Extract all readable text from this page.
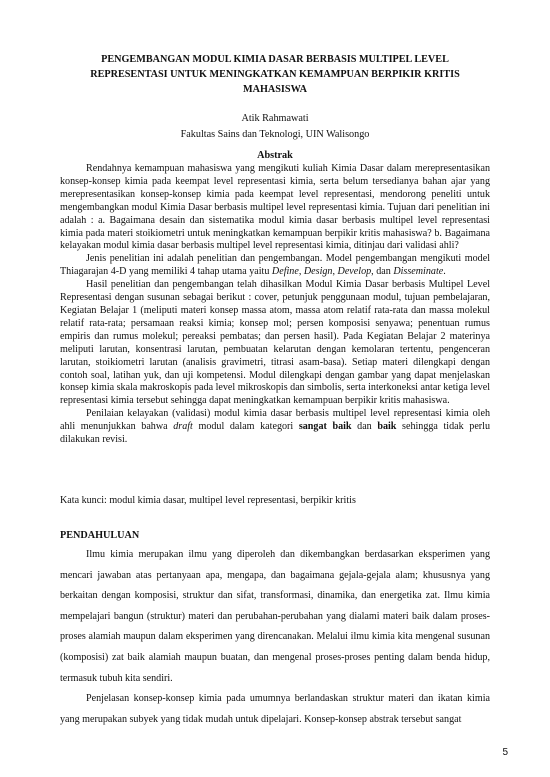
PENGEMBANGAN MODUL KIMIA DASAR BERBASIS MULTIPEL LEVEL
REPRESENTASI UNTUK MENINGKATKAN KEMAMPUAN BERPIKIR KRITIS
MAHASISWA
Atik Rahmawati
Fakultas Sains dan Teknologi, UIN Walisongo
Abstrak

Rendahnya kemampuan mahasiswa yang mengikuti kuliah Kimia Dasar dalam merepresentasikan konsep-konsep kimia pada keempat level representasi kimia, serta belum tersedianya bahan ajar yang merepresentasikan konsep-konsep kimia pada keempat level representasi, mendorong peneliti untuk mengembangkan modul Kimia Dasar berbasis multipel level representasi kimia. Tujuan dari penelitian ini adalah : a. Bagaimana desain dan sistematika modul kimia dasar berbasis multipel level representasi kimia pada materi stoikiometri untuk meningkatkan kemampuan berpikir kritis mahasiswa? b. Bagaimana kelayakan modul kimia dasar berbasis multipel level representasi kimia, ditinjau dari validasi ahli?

Jenis penelitian ini adalah penelitian dan pengembangan. Model pengembangan mengikuti model Thiagarajan 4-D yang memiliki 4 tahap utama yaitu Define, Design, Develop, dan Disseminate.

Hasil penelitian dan pengembangan telah dihasilkan Modul Kimia Dasar berbasis Multipel Level Representasi dengan susunan sebagai berikut : cover, petunjuk penggunaan modul, tujuan pembelajaran, Kegiatan Belajar 1 (meliputi materi konsep massa atom, massa atom relatif rata-rata dan massa molekul relatif rata-rata; persamaan reaksi kimia; konsep mol; persen komposisi senyawa; penentuan rumus empiris dan rumus molekul; pereaksi pembatas; dan persen hasil). Pada Kegiatan Belajar 2 materinya meliputi larutan, konsentrasi larutan, pembuatan kelarutan dengan kemolaran tertentu, pengenceran larutan, stoikiometri larutan (analisis gravimetri, titrasi asam-basa). Setiap materi dilengkapi dengan contoh soal, latihan yuk, dan uji kompetensi. Modul dilengkapi dengan gambar yang dapat menjelaskan konsep kimia skala makroskopis pada level mikroskopis dan simbolis, serta interkoneksi antar ketiga level representasi kimia tersebut sehingga dapat meningkatkan kemampuan berpikir kritis mahasiswa.

Penilaian kelayakan (validasi) modul kimia dasar berbasis multipel level representasi kimia oleh ahli menunjukkan bahwa draft modul dalam kategori sangat baik dan baik sehingga tidak perlu dilakukan revisi.

Kata kunci: modul kimia dasar, multipel level representasi, berpikir kritis
PENDAHULUAN

Ilmu kimia merupakan ilmu yang diperoleh dan dikembangkan berdasarkan eksperimen yang mencari jawaban atas pertanyaan apa, mengapa, dan bagaimana gejala-gejala alam; khususnya yang berkaitan dengan komposisi, struktur dan sifat, transformasi, dinamika, dan energetika zat. Ilmu kimia mempelajari bangun (struktur) materi dan perubahan-perubahan yang dialami materi baik dalam proses-proses alamiah maupun dalam eksperimen yang direncanakan. Melalui ilmu kimia kita mengenal susunan (komposisi) zat baik alamiah maupun buatan, dan mengenal proses-proses penting dalam benda hidup, termasuk tubuh kita sendiri.

Penjelasan konsep-konsep kimia pada umumnya berlandaskan struktur materi dan ikatan kimia yang merupakan subyek yang tidak mudah untuk dipelajari. Konsep-konsep abstrak tersebut sangat

5
